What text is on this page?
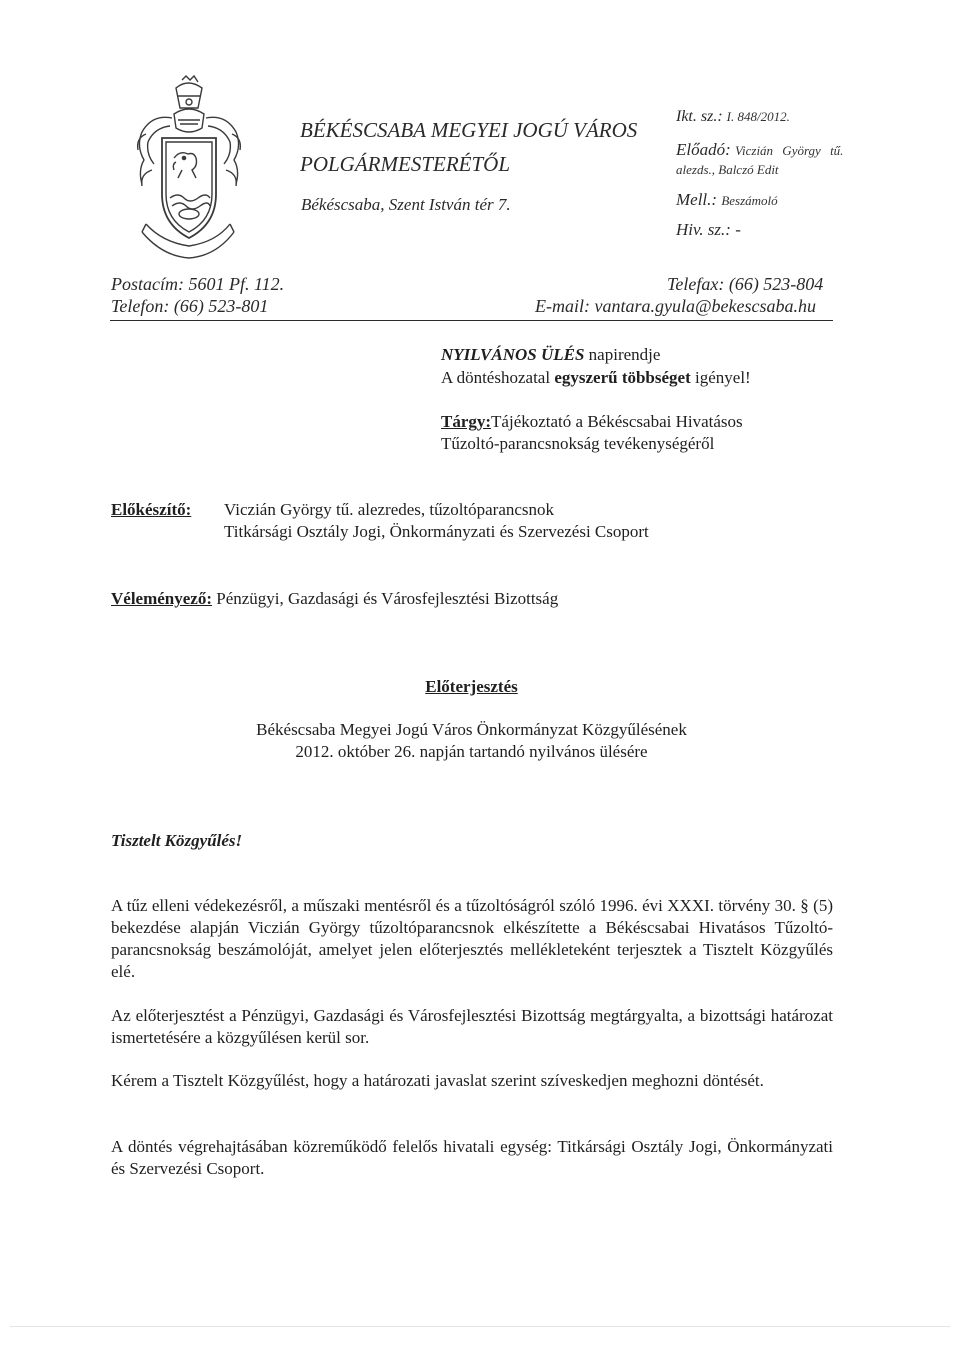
BÉKÉSCSABA MEGYEI JOGÚ VÁROS
POLGÁRMESTERÉTŐL
Békéscsaba, Szent István tér 7.
Ikt. sz.: I. 848/2012.
Előadó: Viczián György tű.
alezds., Balczó Edit
Mell.: Beszámoló
Hiv. sz.: -
Postacím: 5601 Pf. 112.
Telefon: (66) 523-801
Telefax: (66) 523-804
E-mail: vantara.gyula@bekescsaba.hu
NYILVÁNOS ÜLÉS napirendje
A döntéshozatal egyszerű többséget igényel!
Tárgy:Tájékoztató a Békéscsabai Hivatásos
Tűzoltó-parancsnokság tevékenységéről
Előkészítő: Viczián György tű. alezredes, tűzoltóparancsnok
Titkársági Osztály Jogi, Önkormányzati és Szervezési Csoport
Véleményező: Pénzügyi, Gazdasági és Városfejlesztési Bizottság
Előterjesztés
Békéscsaba Megyei Jogú Város Önkormányzat Közgyűlésének
2012. október 26. napján tartandó nyilvános ülésére
Tisztelt Közgyűlés!
A tűz elleni védekezésről, a műszaki mentésről és a tűzoltóságról szóló 1996. évi XXXI. törvény 30. § (5) bekezdése alapján Viczián György tűzoltóparancsnok elkészítette a Békéscsabai Hivatásos Tűzoltó-parancsnokság beszámolóját, amelyet jelen előterjesztés mellékleteként terjesztek a Tisztelt Közgyűlés elé.
Az előterjesztést a Pénzügyi, Gazdasági és Városfejlesztési Bizottság megtárgyalta, a bizottsági határozat ismertetésére a közgyűlésen kerül sor.
Kérem a Tisztelt Közgyűlést, hogy a határozati javaslat szerint szíveskedjen meghozni döntését.
A döntés végrehajtásában közreműködő felelős hivatali egység: Titkársági Osztály Jogi, Önkormányzati és Szervezési Csoport.
